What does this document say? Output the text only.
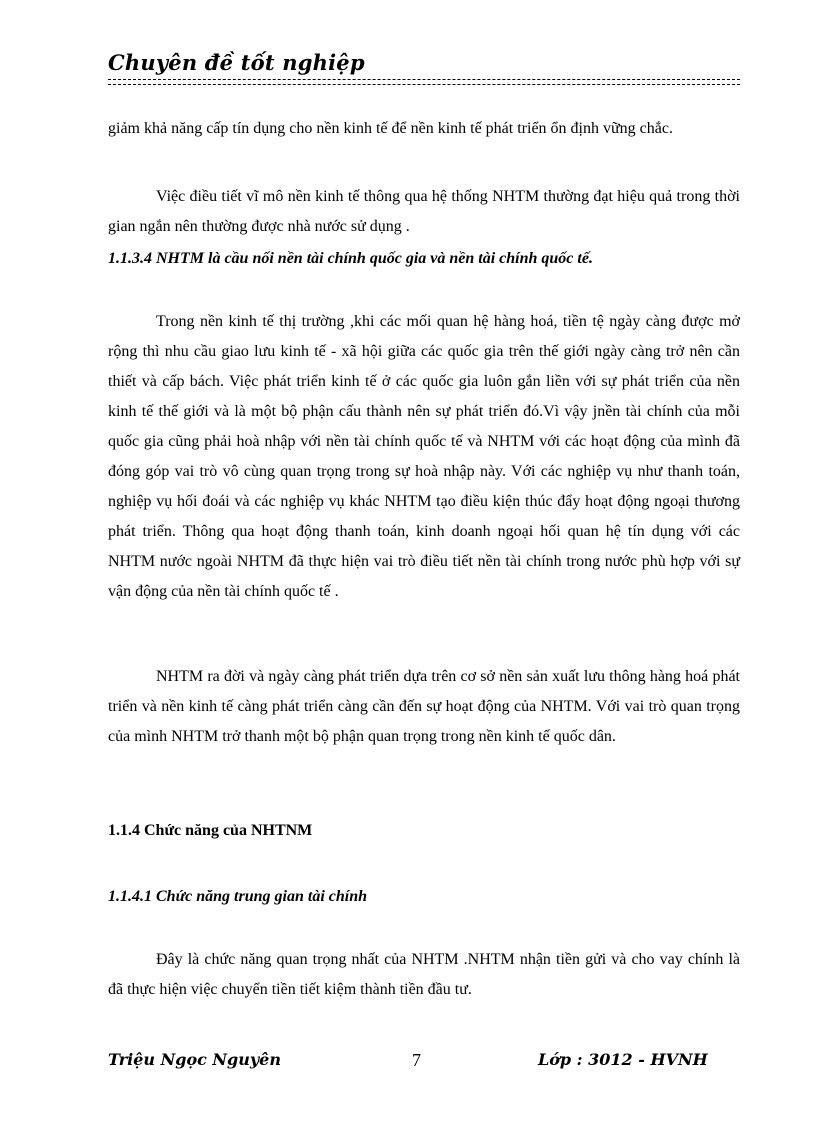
Chuyên đề tốt nghiệp

giảm khả năng cấp tín dụng cho nền kinh tế để nền kinh tế phát triển ổn định vững chắc.

Việc điều tiết vĩ mô nền kinh tế thông qua hệ thống NHTM thường đạt hiệu quả trong thời gian ngắn nên thường được nhà nước sử dụng .

1.1.3.4 NHTM là cầu nối nền tài chính quốc gia và nền tài chính quốc tế.

Trong nền kinh tế thị trường ,khi các mối quan hệ hàng hoá, tiền tệ ngày càng được mở rộng thì nhu cầu giao lưu kinh tế - xã hội giữa các quốc gia trên thế giới ngày càng trở nên cần thiết và cấp bách. Việc phát triển kinh tế ở các quốc gia luôn gắn liền với sự phát triển của nền kinh tế thế giới và là một bộ phận cấu thành nên sự phát triển đó.Vì vậy jnền tài chính của mỗi quốc gia cũng phải hoà nhập với nền tài chính quốc tế và NHTM với các hoạt động của mình đã đóng góp vai trò vô cùng quan trọng trong sự hoà nhập này. Với các nghiệp vụ như thanh toán, nghiệp vụ hối đoái và các nghiệp vụ khác NHTM tạo điều kiện thúc đẩy hoạt động ngoại thương phát triển. Thông qua hoạt động thanh toán, kinh doanh ngoại hối quan hệ tín dụng với các NHTM nước ngoài NHTM đã thực hiện vai trò điều tiết nền tài chính trong nước phù hợp với sự vận động của nền tài chính quốc tế .

NHTM ra đời và ngày càng phát triển dựa trên cơ sở nền sản xuất lưu thông hàng hoá phát triển và nền kinh tế càng phát triển càng cần đến sự hoạt động của NHTM. Với vai trò quan trọng của mình NHTM trở thanh một bộ phận quan trọng trong nền kinh tế quốc dân.

1.1.4 Chức năng của NHTNM
1.1.4.1 Chức năng trung gian tài chính

Đây là chức năng quan trọng nhất của NHTM .NHTM nhận tiền gửi và cho vay chính là đã thực hiện việc chuyển tiền tiết kiệm thành tiền đầu tư.

Triệu Ngọc Nguyên	7	Lớp : 3012 - HVNH
